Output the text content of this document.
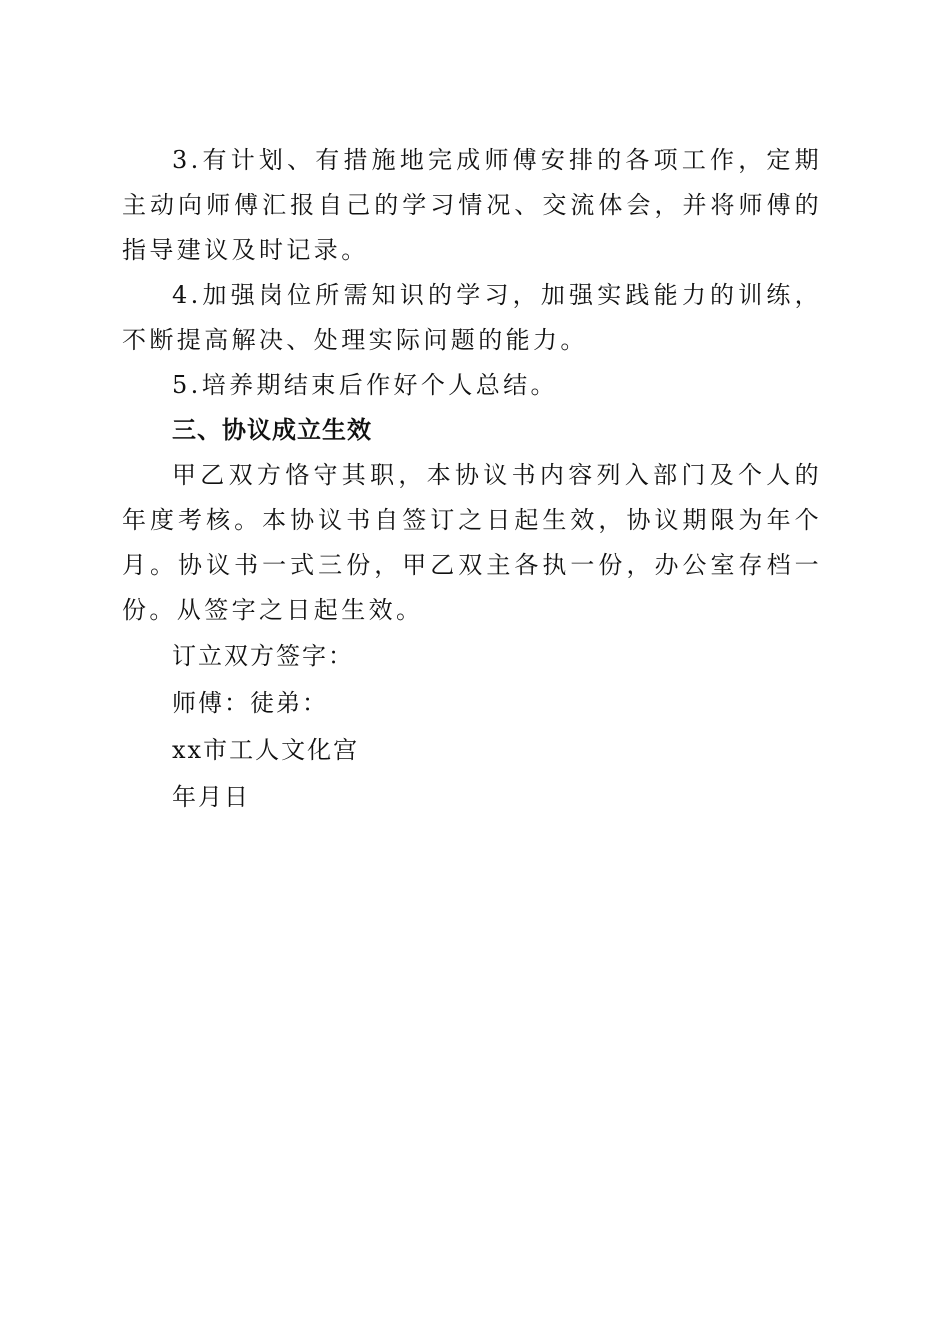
3.有计划、有措施地完成师傅安排的各项工作，定期主动向师傅汇报自己的学习情况、交流体会，并将师傅的指导建议及时记录。

4.加强岗位所需知识的学习，加强实践能力的训练，不断提高解决、处理实际问题的能力。

5.培养期结束后作好个人总结。

三、协议成立生效

甲乙双方恪守其职，本协议书内容列入部门及个人的年度考核。本协议书自签订之日起生效，协议期限为年个月。协议书一式三份，甲乙双主各执一份，办公室存档一份。从签字之日起生效。

订立双方签字：

师傅：徒弟：

xx市工人文化宫

年月日
